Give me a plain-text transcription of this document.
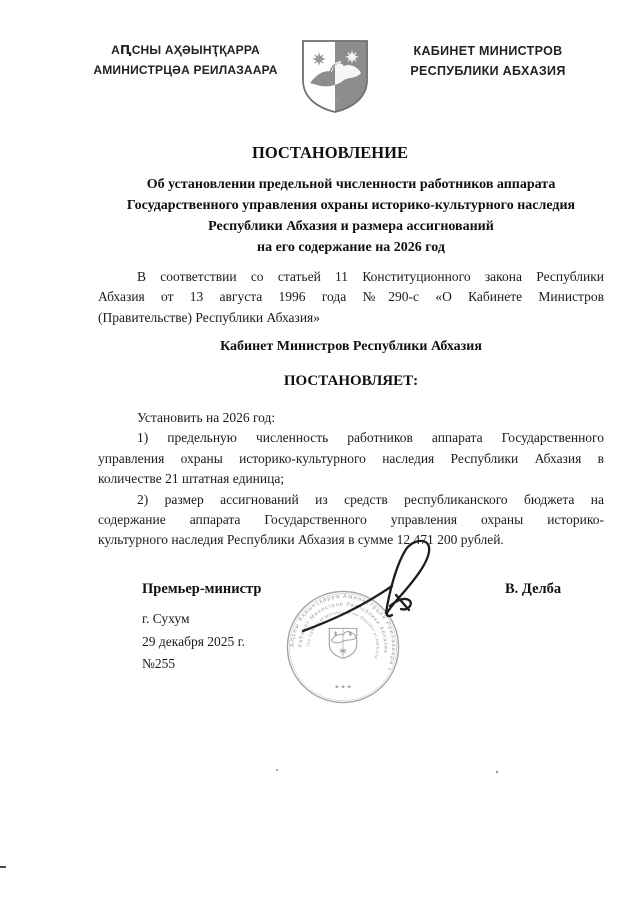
АԤСНЫ АҲӘЫНҬҚАРРА
АМИНИСТРЦӘА РЕИЛАЗААРА
КАБИНЕТ МИНИСТРОВ
РЕСПУБЛИКИ АБХАЗИЯ
ПОСТАНОВЛЕНИЕ
Об установлении предельной численности работников аппарата
Государственного управления охраны историко-культурного наследия
Республики Абхазия и размера ассигнований
на его содержание на 2026 год
В соответствии со статьей 11 Конституционного закона Республики
Абхазия от 13 августа 1996 года №290-с «О Кабинете Министров
(Правительстве) Республики Абхазия»
Кабинет Министров Республики Абхазия
ПОСТАНОВЛЯЕТ:
Установить на 2026 год:
1) предельную численность работников аппарата Государственного
управления охраны историко-культурного наследия Республики Абхазия в
количестве 21 штатная единица;
2) размер ассигнований из средств республиканского бюджета на
содержание аппарата Государственного управления охраны историко-
культурного наследия Республики Абхазия в сумме 12 471 200 рублей.
Премьер-министр	В. Делба
г. Сухум
29 декабря 2025 г.
№255
Аԥсны Аҳәынҭқарра Аминистрцәа Реилазаара •
Кабинет Министров Республики Абхазия
The Cabinet of Ministers of the Republic of Abkhazia
★ ★ ★
